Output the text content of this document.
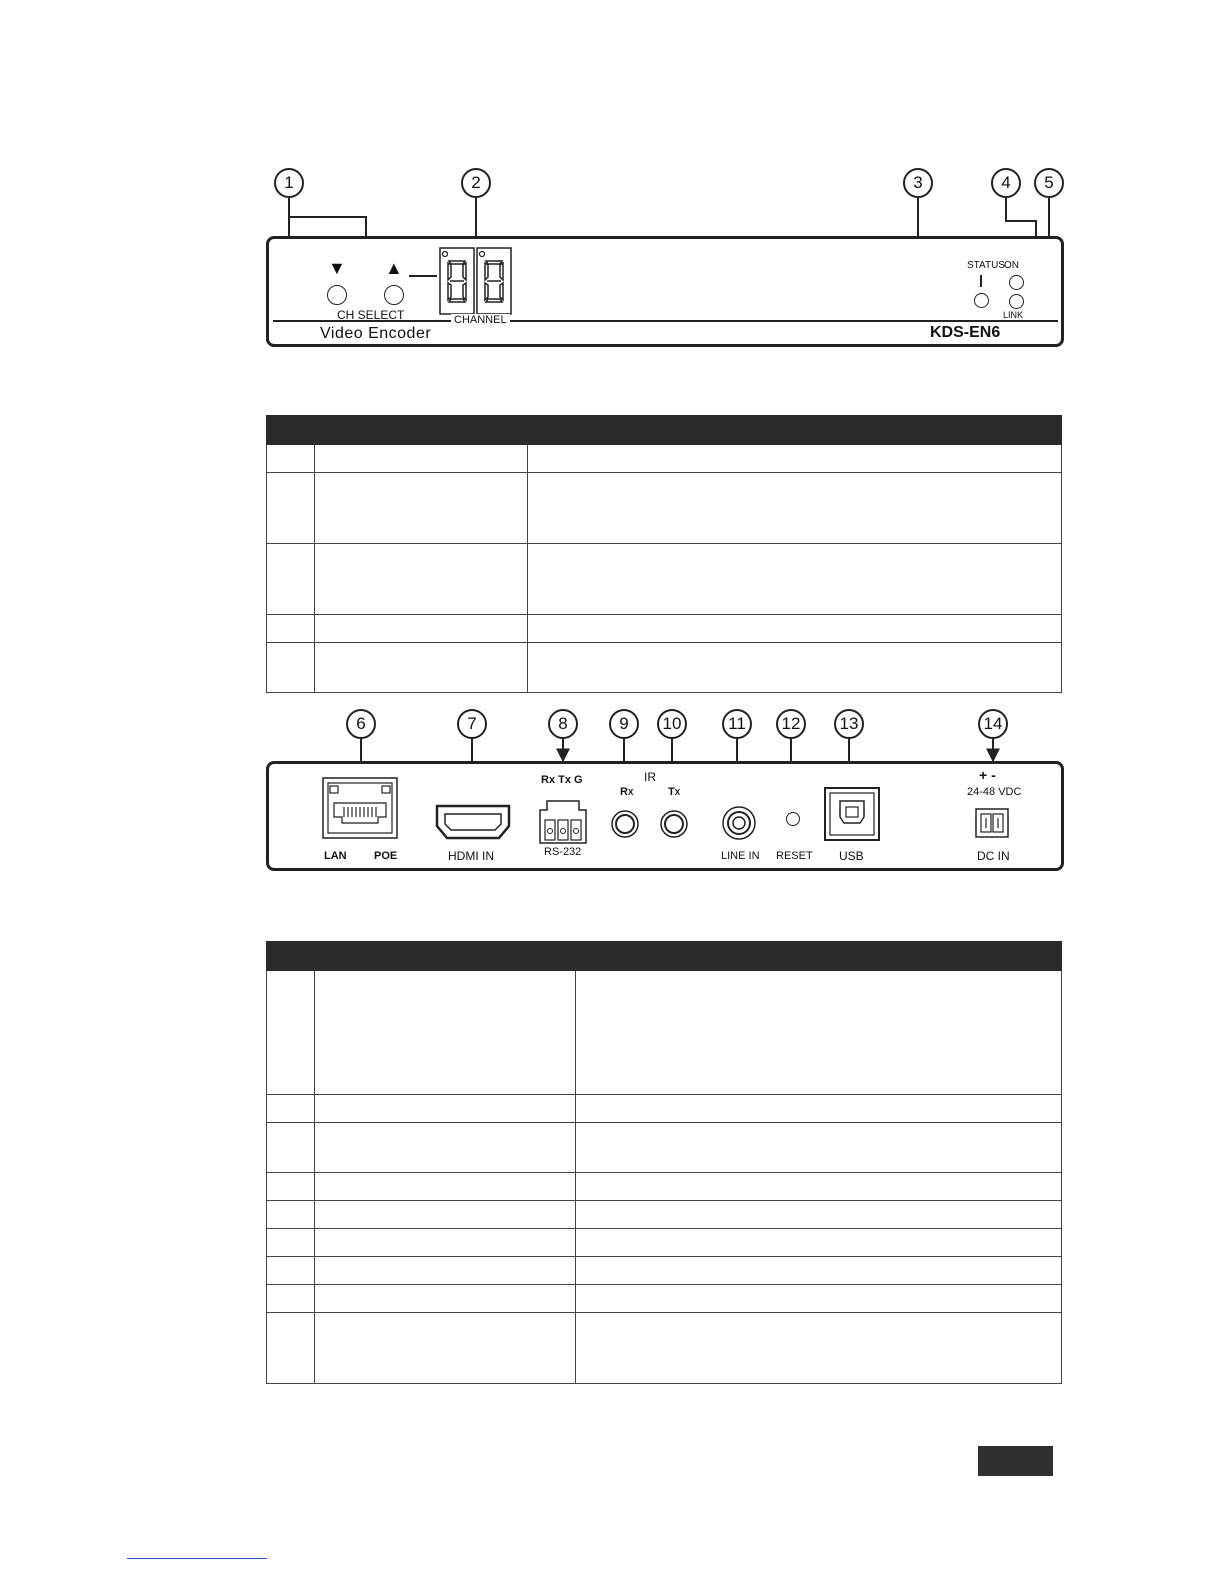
1	2	3	4	5
▼ ▲
CH SELECT	CHANNEL
Video Encoder	KDS-EN6
STATUS ON
LINK

6	7	8	9	10	11	12	13	14
LAN POE	HDMI IN
Rx Tx G
RS-232
IR
Rx	Tx
LINE IN RESET USB
+ -
24-48 VDC
DC IN
